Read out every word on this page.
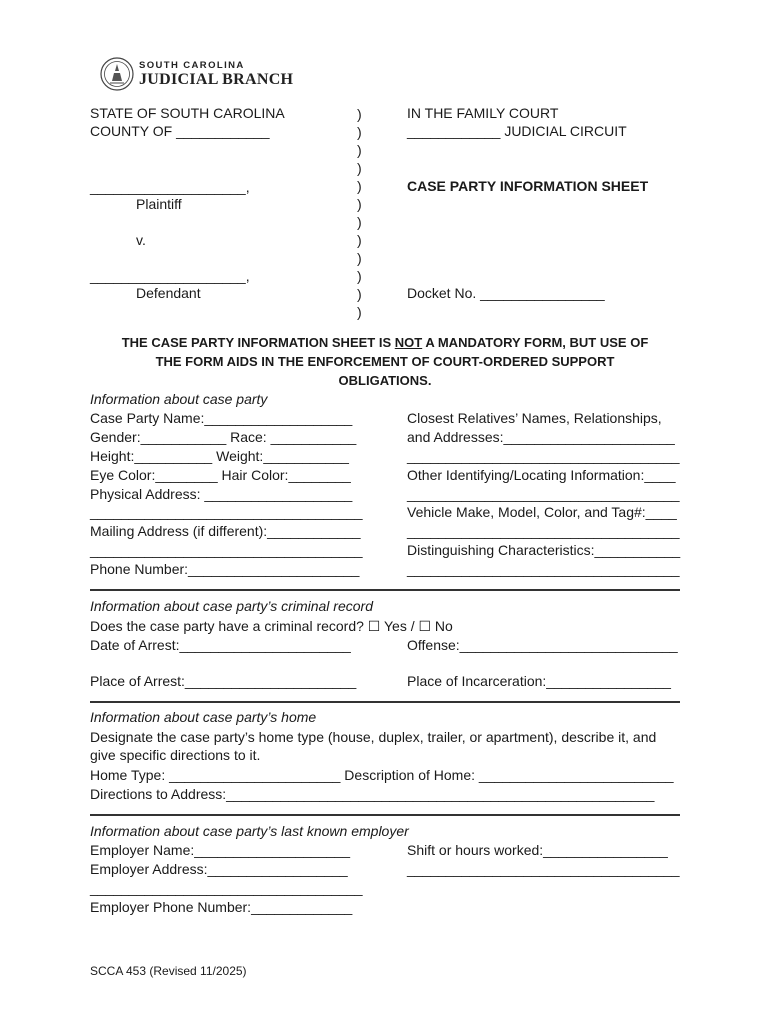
SOUTH CAROLINA
JUDICIAL BRANCH
STATE OF SOUTH CAROLINA
COUNTY OF ____________
IN THE FAMILY COURT
____________ JUDICIAL CIRCUIT
)
)
)
)
)
)
)
)
)
)
)
)
____________________,
Plaintiff
v.
____________________,
Defendant
CASE PARTY INFORMATION SHEET
Docket No. ________________
THE CASE PARTY INFORMATION SHEET IS NOT A MANDATORY FORM, BUT USE OF
THE FORM AIDS IN THE ENFORCEMENT OF COURT-ORDERED SUPPORT
OBLIGATIONS.
Information about case party
Case Party Name:___________________
Gender:___________ Race: ___________
Height:__________ Weight:___________
Eye Color:________ Hair Color:________
Physical Address: ___________________
___________________________________
Mailing Address (if different):____________
___________________________________
Phone Number:______________________
Closest Relatives’ Names, Relationships,
and Addresses:______________________
___________________________________
Other Identifying/Locating Information:____
___________________________________
Vehicle Make, Model, Color, and Tag#:____
___________________________________
Distinguishing Characteristics:___________
___________________________________
Information about case party’s criminal record
Does the case party have a criminal record? ☐ Yes / ☐ No
Date of Arrest:______________________	Offense:____________________________
Place of Arrest:______________________	Place of Incarceration:________________
Information about case party’s home
Designate the case party’s home type (house, duplex, trailer, or apartment), describe it, and
give specific directions to it.
Home Type: ______________________ Description of Home: _________________________
Directions to Address:_______________________________________________________
Information about case party’s last known employer
Employer Name:____________________	Shift or hours worked:________________
Employer Address:__________________	___________________________________
___________________________________
Employer Phone Number:_____________
SCCA 453 (Revised 11/2025)
